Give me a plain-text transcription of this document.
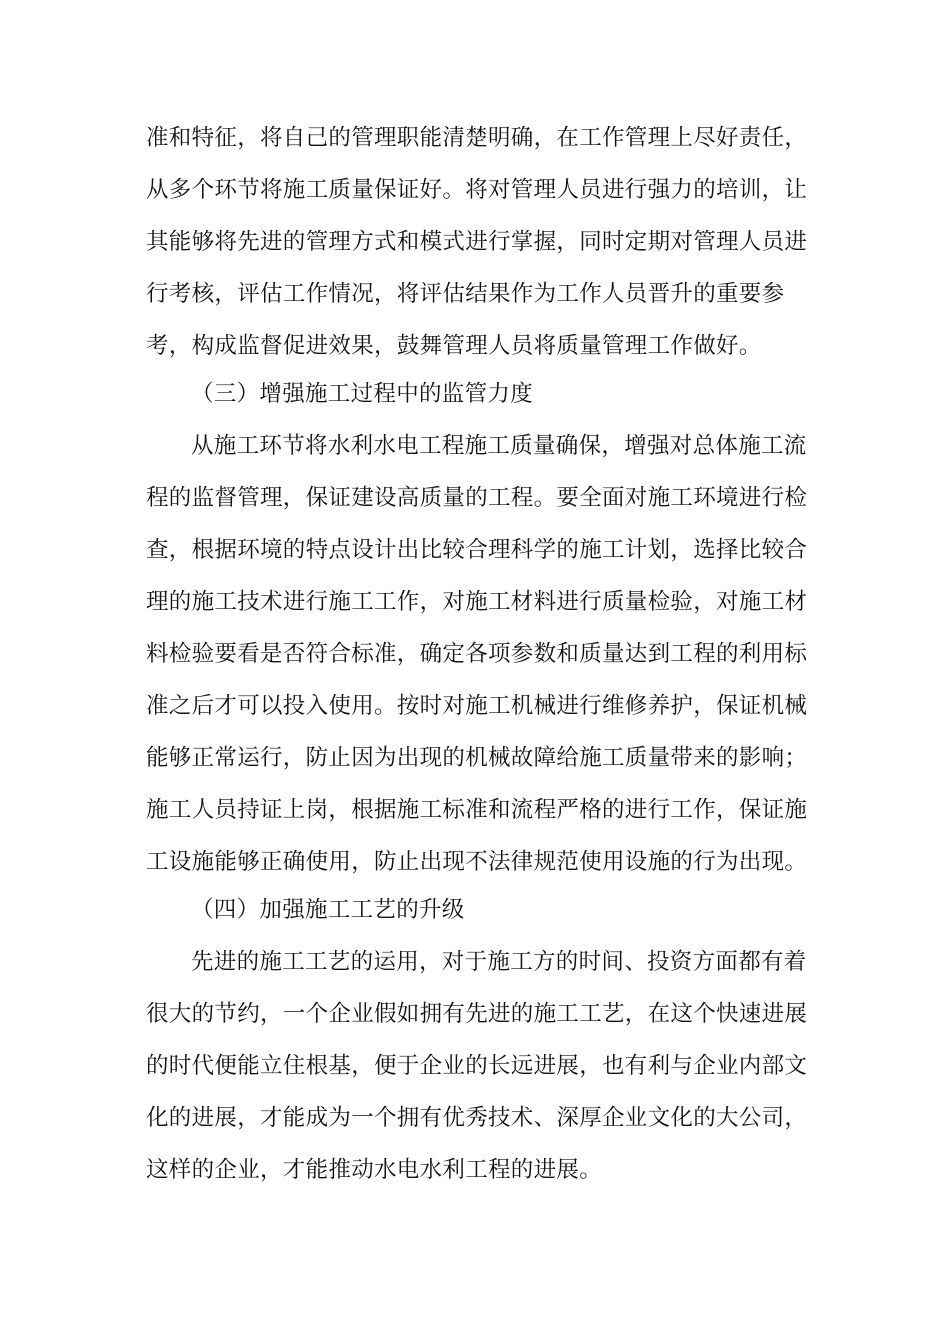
准和特征，将自己的管理职能清楚明确，在工作管理上尽好责任，
从多个环节将施工质量保证好。将对管理人员进行强力的培训，让
其能够将先进的管理方式和模式进行掌握，同时定期对管理人员进
行考核，评估工作情况，将评估结果作为工作人员晋升的重要参
考，构成监督促进效果，鼓舞管理人员将质量管理工作做好。
（三）增强施工过程中的监管力度
从施工环节将水利水电工程施工质量确保，增强对总体施工流
程的监督管理，保证建设高质量的工程。要全面对施工环境进行检
查，根据环境的特点设计出比较合理科学的施工计划，选择比较合
理的施工技术进行施工工作，对施工材料进行质量检验，对施工材
料检验要看是否符合标准，确定各项参数和质量达到工程的利用标
准之后才可以投入使用。按时对施工机械进行维修养护，保证机械
能够正常运行，防止因为出现的机械故障给施工质量带来的影响；
施工人员持证上岗，根据施工标准和流程严格的进行工作，保证施
工设施能够正确使用，防止出现不法律规范使用设施的行为出现。
（四）加强施工工艺的升级
先进的施工工艺的运用，对于施工方的时间、投资方面都有着
很大的节约，一个企业假如拥有先进的施工工艺，在这个快速进展
的时代便能立住根基，便于企业的长远进展，也有利与企业内部文
化的进展，才能成为一个拥有优秀技术、深厚企业文化的大公司，
这样的企业，才能推动水电水利工程的进展。
